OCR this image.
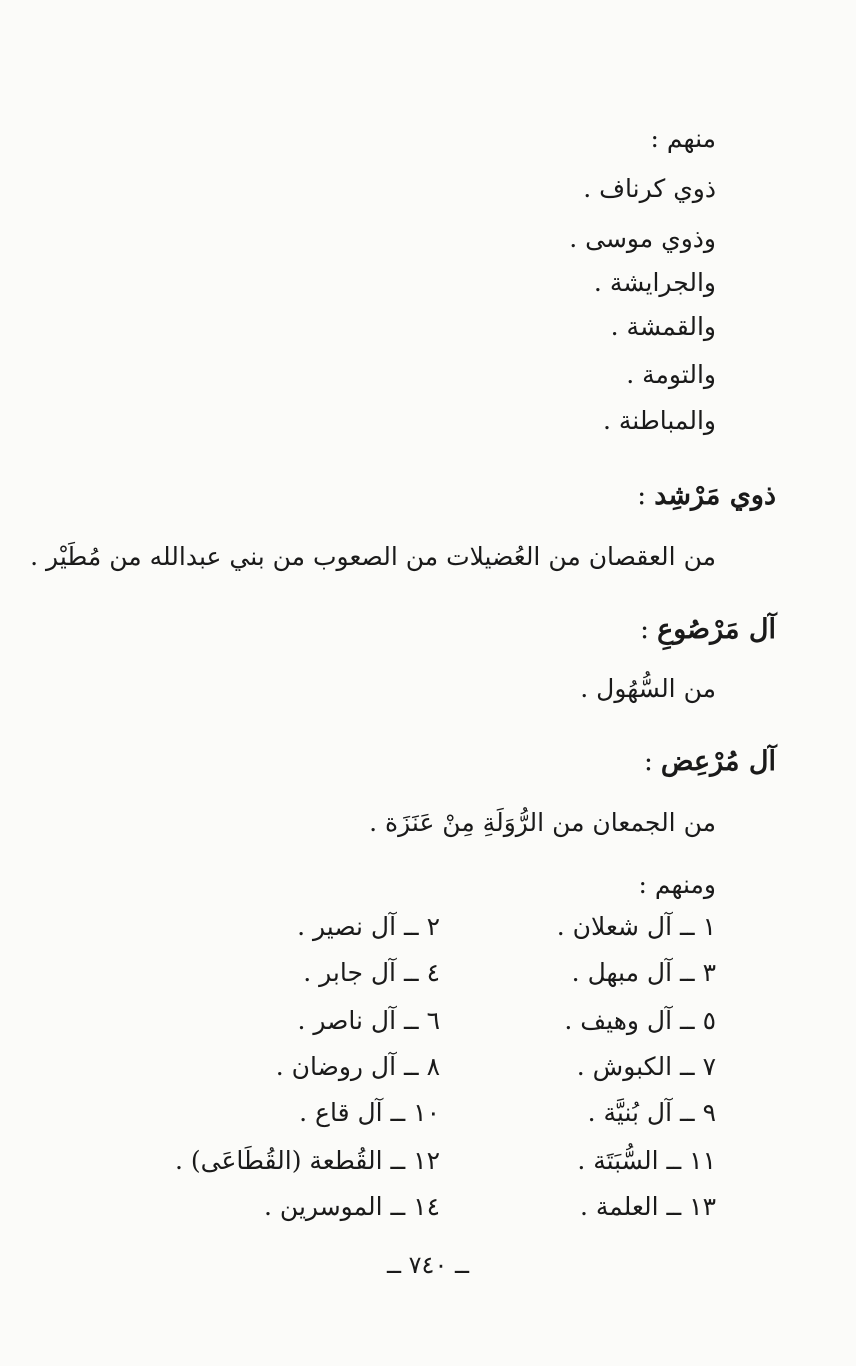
منهم :
ذوي كرناف .
وذوي موسى .
والجرايشة .
والقمشة .
والتومة .
والمباطنة .
ذوي مَرْشِد:
من العقصان من العُضيلات من الصعوب من بني عبدالله من مُطَيْر .
آل مَرْصُوعِ:
من السُّهُول .
آل مُرْعِض:
من الجمعان من الرُّوَلَةِ مِنْ عَنَزَة .
ومنهم :
١ ــ آل شعلان .
٢ ــ آل نصير .
٣ ــ آل مبهل .
٤ ــ آل جابر .
٥ ــ آل وهيف .
٦ ــ آل ناصر .
٧ ــ الكبوش .
٨ ــ آل روضان .
٩ ــ آل بُنيَّة .
١٠ ــ آل قاع .
١١ ــ السُّبَتَة .
١٢ ــ القُطعة (القُطَاعَى) .
١٣ ــ العلمة .
١٤ ــ الموسرين .
ــ ٧٤٠ ــ
